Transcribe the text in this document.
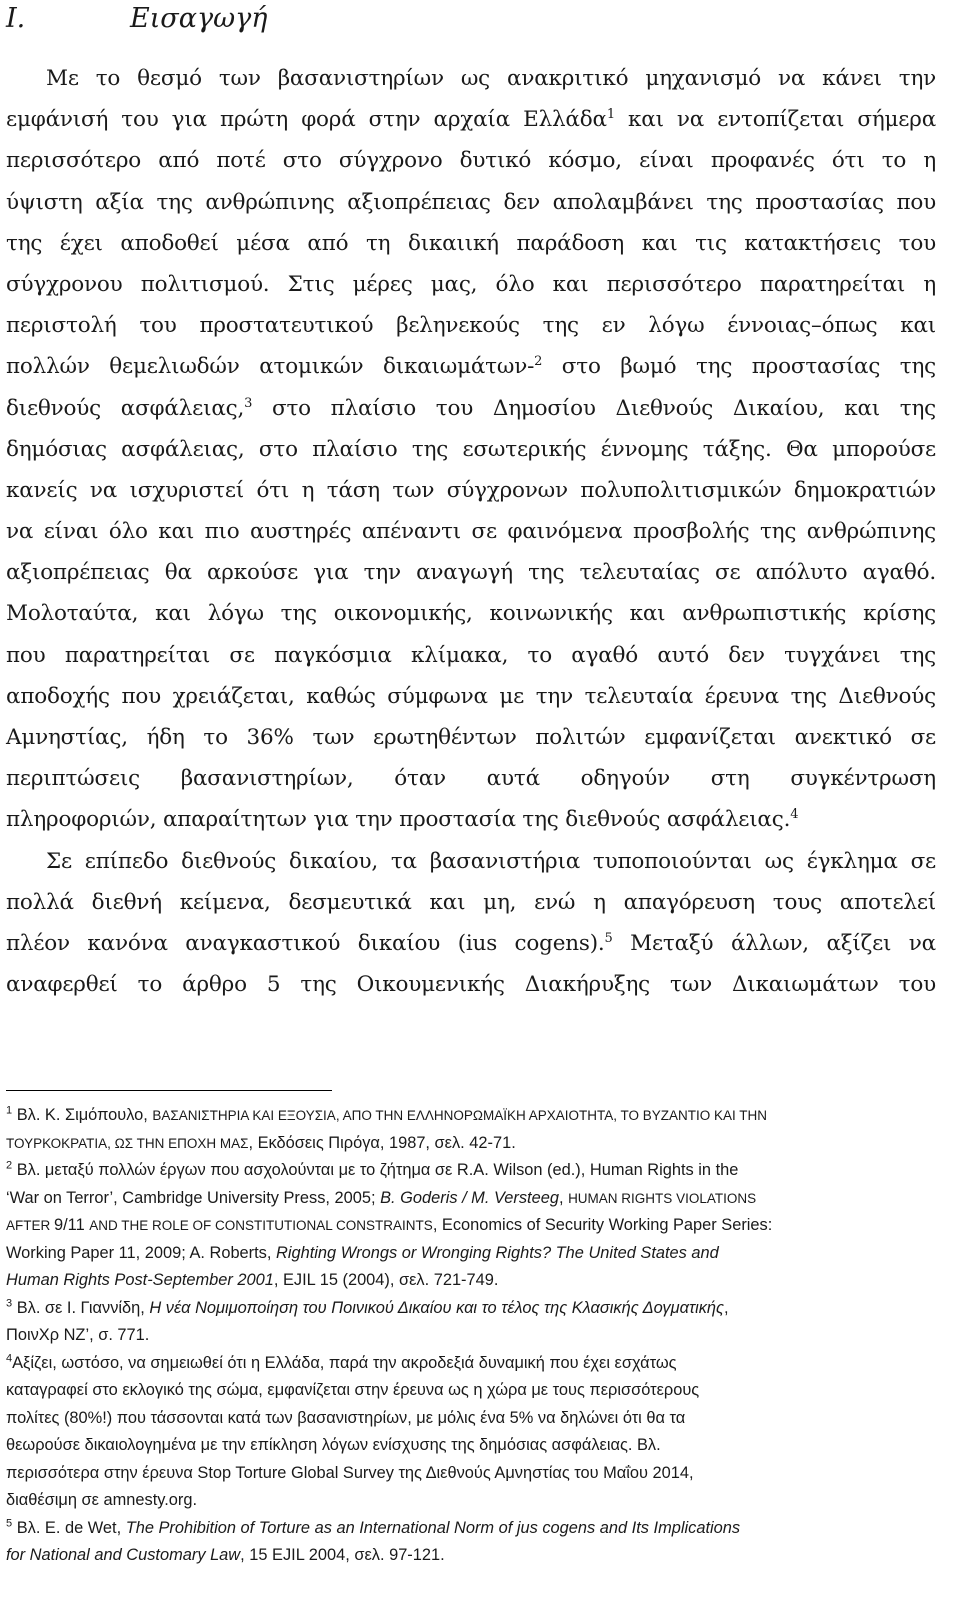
I.	Εισαγωγή
Με το θεσμό των βασανιστηρίων ως ανακριτικό μηχανισμό να κάνει την
εμφάνισή του για πρώτη φορά στην αρχαία Ελλάδα$^1$ και να εντοπίζεται σήμερα
περισσότερο από ποτέ στο σύγχρονο δυτικό κόσμο, είναι προφανές ότι το η
ύψιστη αξία της ανθρώπινης αξιοπρέπειας δεν απολαμβάνει της προστασίας που
της έχει αποδοθεί μέσα από τη δικαιική παράδοση και τις κατακτήσεις του
σύγχρονου πολιτισμού. Στις μέρες μας, όλο και περισσότερο παρατηρείται η
περιστολή του προστατευτικού βεληνεκούς της εν λόγω έννοιας–όπως και
πολλών θεμελιωδών ατομικών δικαιωμάτων-$^2$ στο βωμό της προστασίας της
διεθνούς ασφάλειας,$^3$ στο πλαίσιο του Δημοσίου Διεθνούς Δικαίου, και της
δημόσιας ασφάλειας, στο πλαίσιο της εσωτερικής έννομης τάξης. Θα μπορούσε
κανείς να ισχυριστεί ότι η τάση των σύγχρονων πολυπολιτισμικών δημοκρατιών
να είναι όλο και πιο αυστηρές απέναντι σε φαινόμενα προσβολής της ανθρώπινης
αξιοπρέπειας θα αρκούσε για την αναγωγή της τελευταίας σε απόλυτο αγαθό.
Μολοταύτα, και λόγω της οικονομικής, κοινωνικής και ανθρωπιστικής κρίσης
που παρατηρείται σε παγκόσμια κλίμακα, το αγαθό αυτό δεν τυγχάνει της
αποδοχής που χρειάζεται, καθώς σύμφωνα με την τελευταία έρευνα της Διεθνούς
Αμνηστίας, ήδη το 36% των ερωτηθέντων πολιτών εμφανίζεται ανεκτικό σε
περιπτώσεις βασανιστηρίων, όταν αυτά οδηγούν στη συγκέντρωση
πληροφοριών, απαραίτητων για την προστασία της διεθνούς ασφάλειας.$^4$
Σε επίπεδο διεθνούς δικαίου, τα βασανιστήρια τυποποιούνται ως έγκλημα σε
πολλά διεθνή κείμενα, δεσμευτικά και μη, ενώ η απαγόρευση τους αποτελεί
πλέον κανόνα αναγκαστικού δικαίου (ius cogens).$^5$ Μεταξύ άλλων, αξίζει να
αναφερθεί το άρθρο 5 της Οικουμενικής Διακήρυξης των Δικαιωμάτων του
$^1$ Βλ. Κ. Σιμόπουλο, ΒΑΣΑΝΙΣΤΗΡΙΑ ΚΑΙ ΕΞΟΥΣΙΑ, ΑΠΟ ΤΗΝ ΕΛΛΗΝΟΡΩΜΑΪΚΗ ΑΡΧΑΙΟΤΗΤΑ, ΤΟ ΒΥΖΑΝΤΙΟ ΚΑΙ ΤΗΝ
ΤΟΥΡΚΟΚΡΑΤΙΑ, ΩΣ ΤΗΝ ΕΠΟΧΗ ΜΑΣ, Εκδόσεις Πιρόγα, 1987, σελ. 42-71.
$^2$ Βλ. μεταξύ πολλών έργων που ασχολούνται με το ζήτημα σε R.A. Wilson (ed.), Human Rights in the
‘War on Terror’, Cambridge University Press, 2005; B. Goderis / M. Versteeg, HUMAN RIGHTS VIOLATIONS
AFTER 9/11 AND THE ROLE OF CONSTITUTIONAL CONSTRAINTS, Economics of Security Working Paper Series:
Working Paper 11, 2009; A. Roberts, Righting Wrongs or Wronging Rights? The United States and
Human Rights Post-September 2001, EJIL 15 (2004), σελ. 721-749.
$^3$ Βλ. σε Ι. Γιαννίδη, Η νέα Νομιμοποίηση του Ποινικού Δικαίου και το τέλος της Κλασικής Δογματικής,
ΠοινΧρ ΝΖ’, σ. 771.
$^4$Αξίζει, ωστόσο, να σημειωθεί ότι η Ελλάδα, παρά την ακροδεξιά δυναμική που έχει εσχάτως
καταγραφεί στο εκλογικό της σώμα, εμφανίζεται στην έρευνα ως η χώρα με τους περισσότερους
πολίτες (80%!) που τάσσονται κατά των βασανιστηρίων, με μόλις ένα 5% να δηλώνει ότι θα τα
θεωρούσε δικαιολογημένα με την επίκληση λόγων ενίσχυσης της δημόσιας ασφάλειας. Βλ.
περισσότερα στην έρευνα Stop Torture Global Survey της Διεθνούς Αμνηστίας του Μαΐου 2014,
διαθέσιμη σε amnesty.org.
$^5$ Βλ. E. de Wet, The Prohibition of Torture as an International Norm of jus cogens and Its Implications
for National and Customary Law, 15 EJIL 2004, σελ. 97-121.
